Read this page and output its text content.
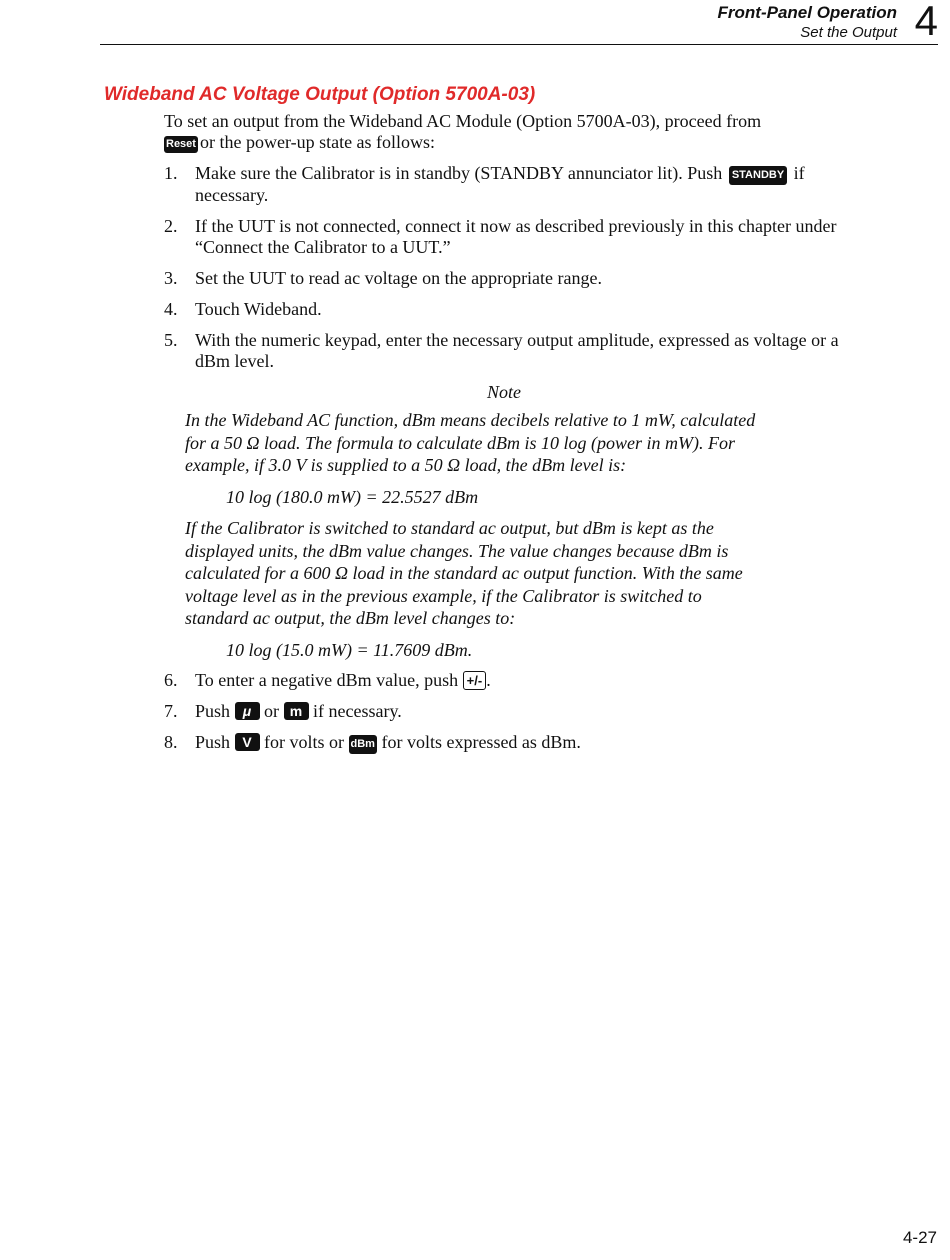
Front-Panel Operation
Set the Output 4
Wideband AC Voltage Output (Option 5700A-03)

To set an output from the Wideband AC Module (Option 5700A-03), proceed from
Reset or the power-up state as follows:

1. Make sure the Calibrator is in standby (STANDBY annunciator lit). Push STANDBY if necessary.
2. If the UUT is not connected, connect it now as described previously in this chapter under “Connect the Calibrator to a UUT.”
3. Set the UUT to read ac voltage on the appropriate range.
4. Touch Wideband.
5. With the numeric keypad, enter the necessary output amplitude, expressed as voltage or a dBm level.
Note

In the Wideband AC function, dBm means decibels relative to 1 mW, calculated for a 50 Ω load. The formula to calculate dBm is 10 log (power in mW). For example, if 3.0 V is supplied to a 50 Ω load, the dBm level is:

10 log (180.0 mW) = 22.5527 dBm

If the Calibrator is switched to standard ac output, but dBm is kept as the displayed units, the dBm value changes. The value changes because dBm is calculated for a 600 Ω load in the standard ac output function. With the same voltage level as in the previous example, if the Calibrator is switched to standard ac output, the dBm level changes to:

10 log (15.0 mW) = 11.7609 dBm.
6. To enter a negative dBm value, push +/- .
7. Push μ or m if necessary.
8. Push V for volts or dBm for volts expressed as dBm.
4-27
